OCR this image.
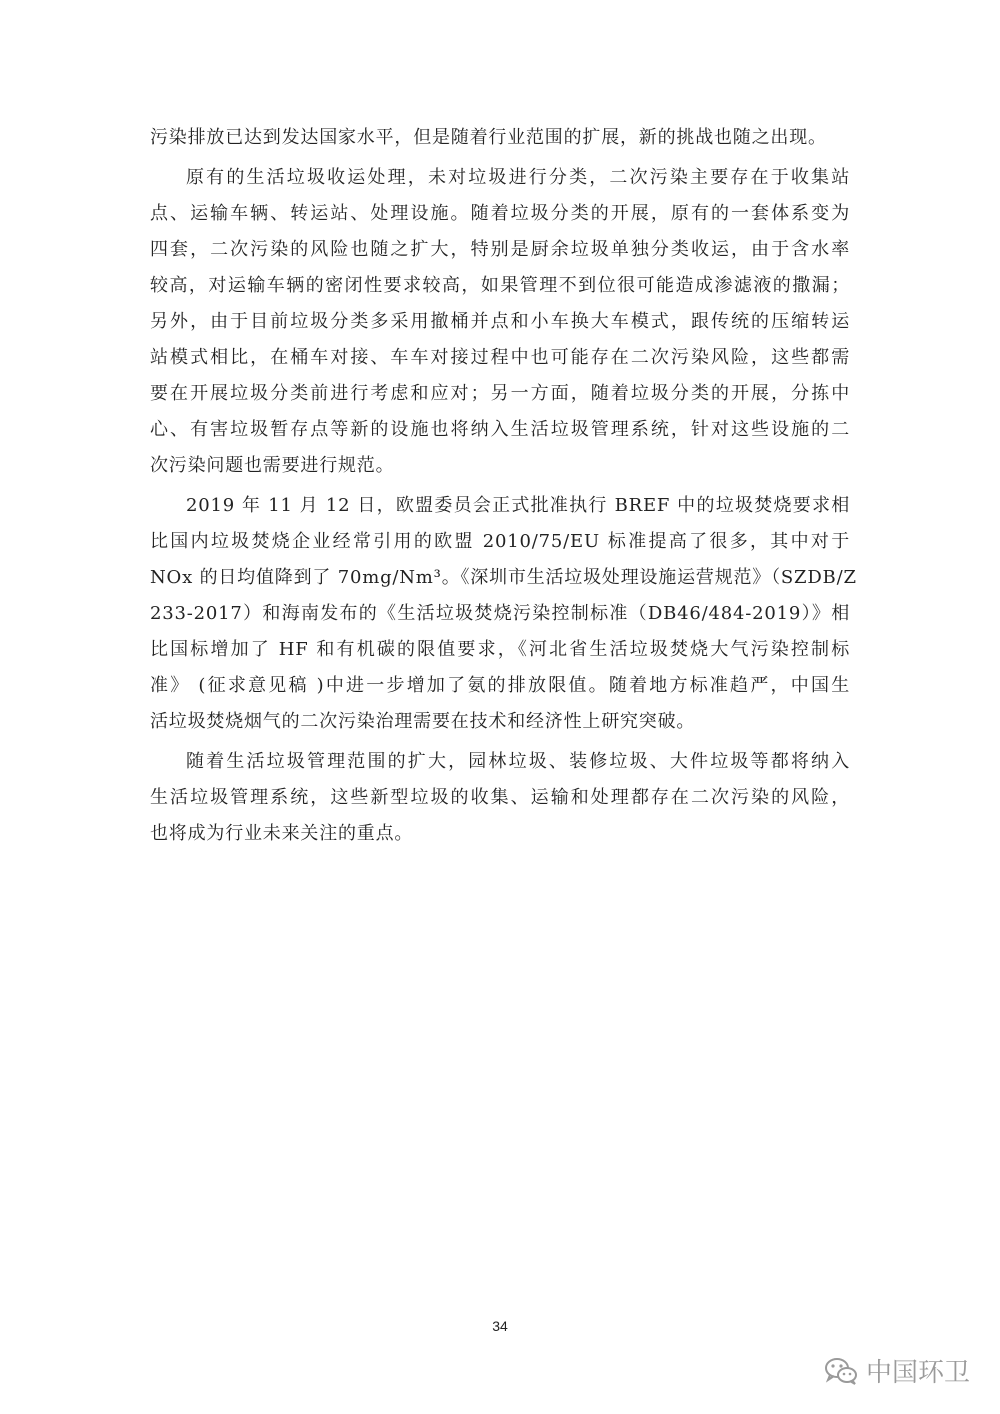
污染排放已达到发达国家水平，但是随着行业范围的扩展，新的挑战也随之出现。

原有的生活垃圾收运处理，未对垃圾进行分类，二次污染主要存在于收集站
点、运输车辆、转运站、处理设施。随着垃圾分类的开展，原有的一套体系变为
四套，二次污染的风险也随之扩大，特别是厨余垃圾单独分类收运，由于含水率
较高，对运输车辆的密闭性要求较高，如果管理不到位很可能造成渗滤液的撒漏；
另外，由于目前垃圾分类多采用撤桶并点和小车换大车模式，跟传统的压缩转运
站模式相比，在桶车对接、车车对接过程中也可能存在二次污染风险，这些都需
要在开展垃圾分类前进行考虑和应对；另一方面，随着垃圾分类的开展，分拣中
心、有害垃圾暂存点等新的设施也将纳入生活垃圾管理系统，针对这些设施的二
次污染问题也需要进行规范。

2019 年 11 月 12 日，欧盟委员会正式批准执行 BREF 中的垃圾焚烧要求相
比国内垃圾焚烧企业经常引用的欧盟 2010/75/EU 标准提高了很多，其中对于
NOx 的日均值降到了 70mg/Nm³。《深圳市生活垃圾处理设施运营规范》（SZDB/Z
233-2017）和海南发布的《生活垃圾焚烧污染控制标准（DB46/484-2019）》相
比国标增加了 HF 和有机碳的限值要求，《河北省生活垃圾焚烧大气污染控制标
准》 (征求意见稿 )中进一步增加了氨的排放限值。随着地方标准趋严，中国生
活垃圾焚烧烟气的二次污染治理需要在技术和经济性上研究突破。

随着生活垃圾管理范围的扩大，园林垃圾、装修垃圾、大件垃圾等都将纳入
生活垃圾管理系统，这些新型垃圾的收集、运输和处理都存在二次污染的风险，
也将成为行业未来关注的重点。

34
中国环卫
